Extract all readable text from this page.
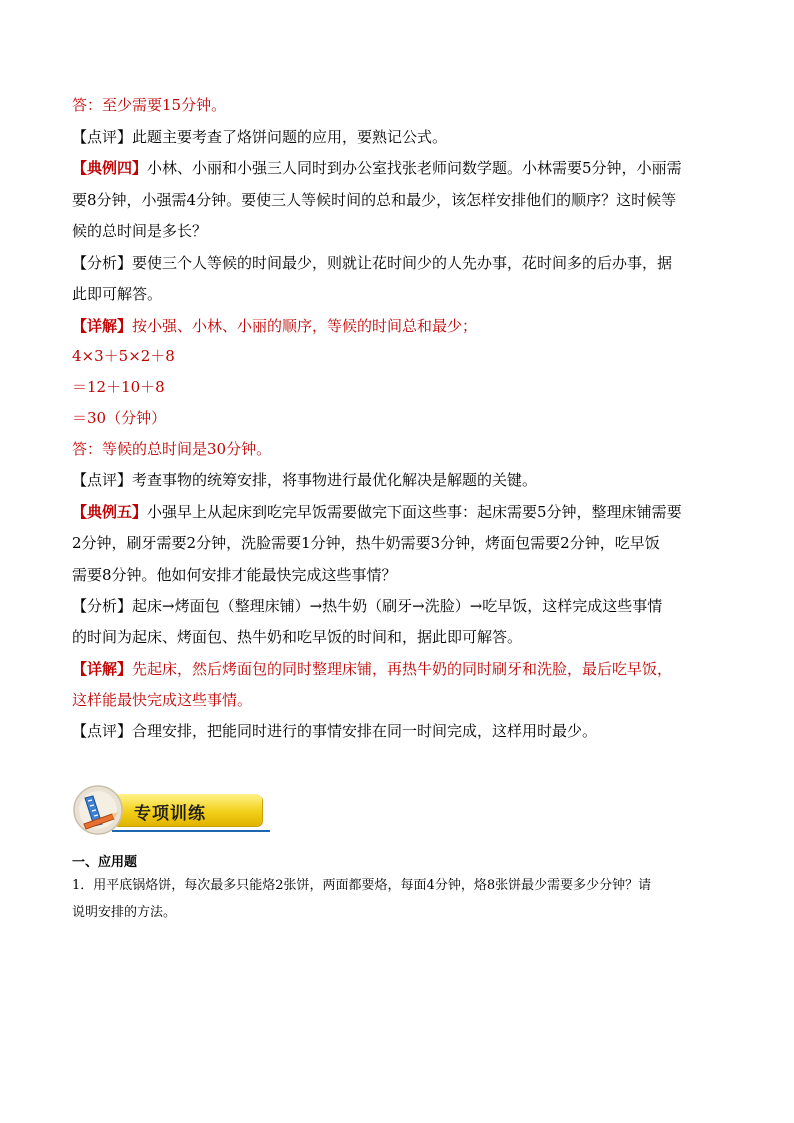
答：至少需要15分钟。
【点评】此题主要考查了烙饼问题的应用，要熟记公式。
【典例四】小林、小丽和小强三人同时到办公室找张老师问数学题。小林需要5分钟，小丽需
要8分钟，小强需4分钟。要使三人等候时间的总和最少，该怎样安排他们的顺序？这时候等
候的总时间是多长？
【分析】要使三个人等候的时间最少，则就让花时间少的人先办事，花时间多的后办事，据
此即可解答。
【详解】按小强、小林、小丽的顺序，等候的时间总和最少；
4×3＋5×2＋8
＝12＋10＋8
＝30（分钟）
答：等候的总时间是30分钟。
【点评】考查事物的统筹安排，将事物进行最优化解决是解题的关键。
【典例五】小强早上从起床到吃完早饭需要做完下面这些事：起床需要5分钟，整理床铺需要
2分钟，刷牙需要2分钟，洗脸需要1分钟，热牛奶需要3分钟，烤面包需要2分钟，吃早饭
需要8分钟。他如何安排才能最快完成这些事情？
【分析】起床→烤面包（整理床铺）→热牛奶（刷牙→洗脸）→吃早饭，这样完成这些事情
的时间为起床、烤面包、热牛奶和吃早饭的时间和，据此即可解答。
【详解】先起床，然后烤面包的同时整理床铺，再热牛奶的同时刷牙和洗脸，最后吃早饭，
这样能最快完成这些事情。
【点评】合理安排，把能同时进行的事情安排在同一时间完成，这样用时最少。
专项训练
一、应用题
1．用平底锅烙饼，每次最多只能烙2张饼，两面都要烙，每面4分钟，烙8张饼最少需要多少分钟？请
说明安排的方法。
